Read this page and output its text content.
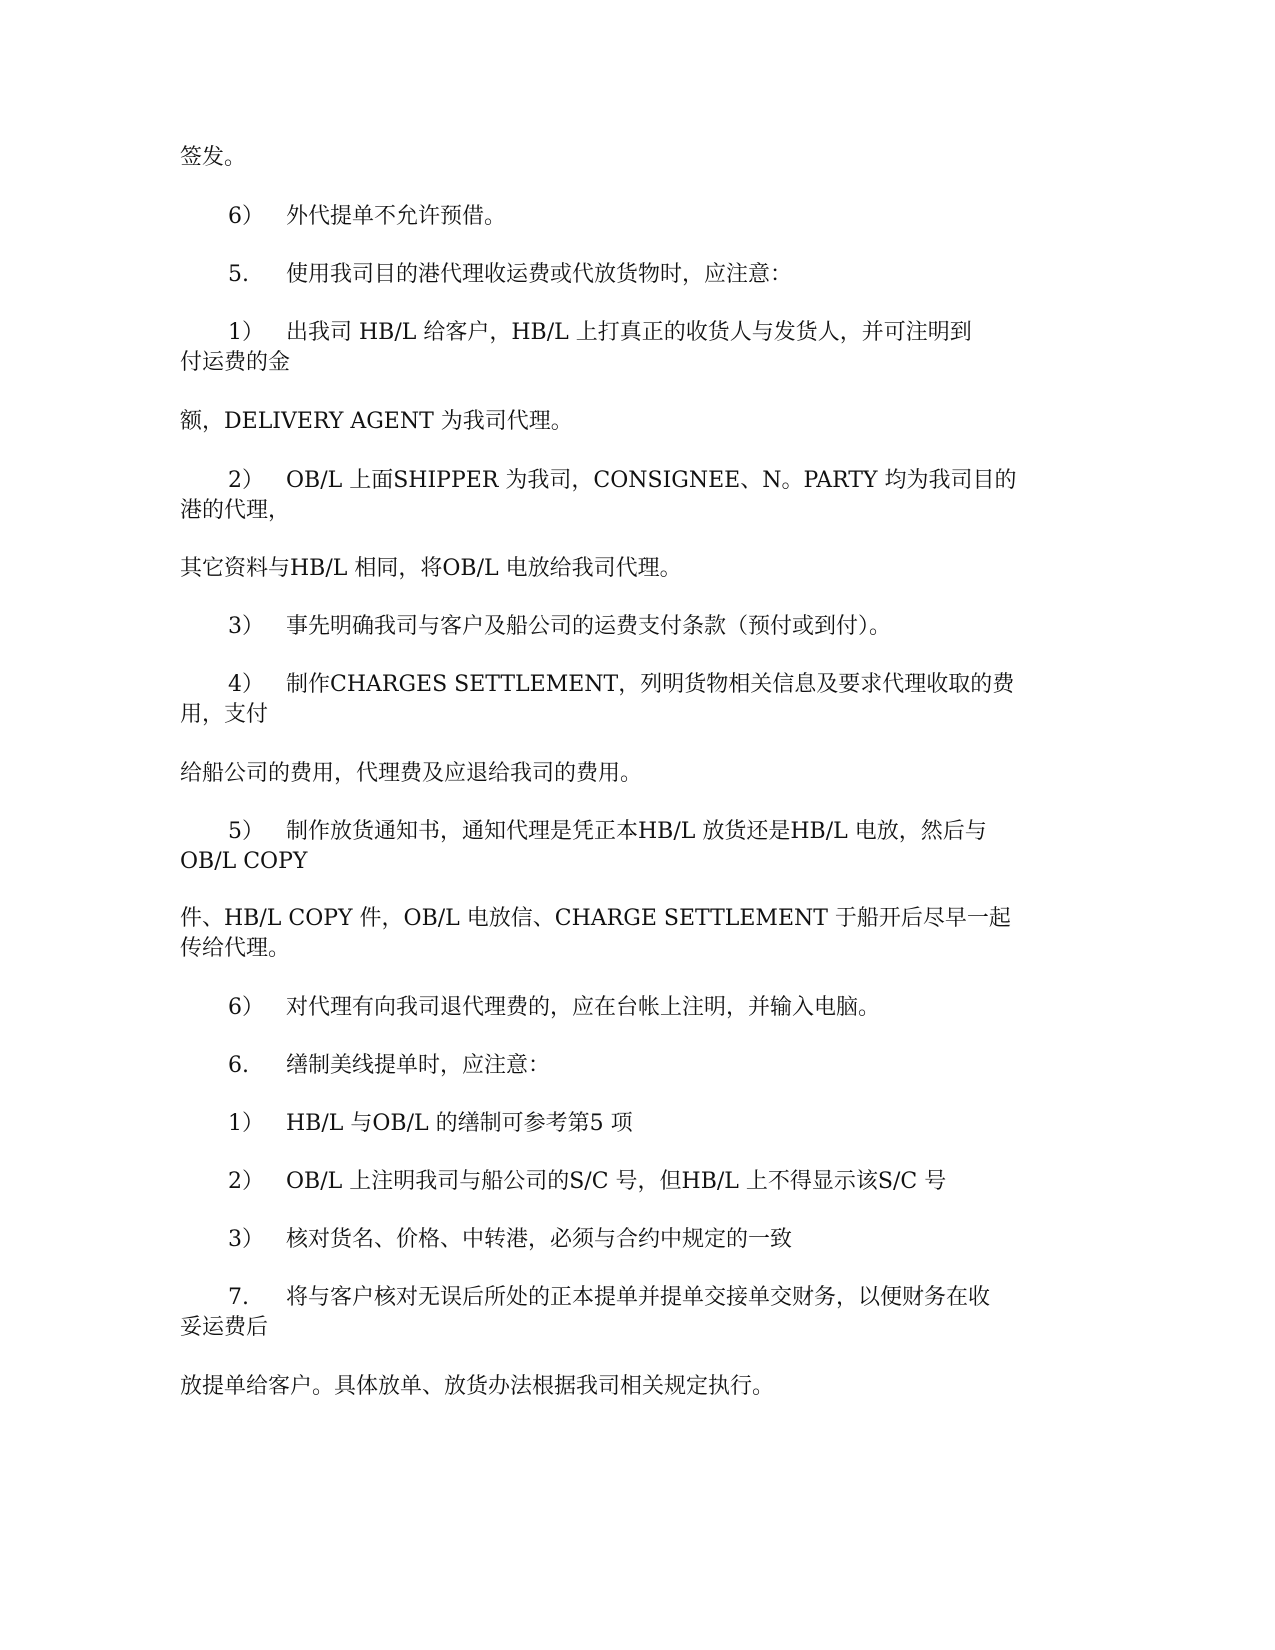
签发。
6） 外代提单不允许预借。
5. 使用我司目的港代理收运费或代放货物时，应注意：
1） 出我司 HB/L 给客户，HB/L 上打真正的收货人与发货人，并可注明到
付运费的金
额，DELIVERY AGENT 为我司代理。
2） OB/L 上面SHIPPER 为我司，CONSIGNEE、N。PARTY 均为我司目的
港的代理，
其它资料与HB/L 相同，将OB/L 电放给我司代理。
3） 事先明确我司与客户及船公司的运费支付条款（预付或到付）。
4） 制作CHARGES SETTLEMENT，列明货物相关信息及要求代理收取的费
用，支付
给船公司的费用，代理费及应退给我司的费用。
5） 制作放货通知书，通知代理是凭正本HB/L 放货还是HB/L 电放，然后与
OB/L COPY
件、HB/L COPY 件，OB/L 电放信、CHARGE SETTLEMENT 于船开后尽早一起
传给代理。
6） 对代理有向我司退代理费的，应在台帐上注明，并输入电脑。
6. 缮制美线提单时，应注意：
1） HB/L 与OB/L 的缮制可参考第5 项
2） OB/L 上注明我司与船公司的S/C 号，但HB/L 上不得显示该S/C 号
3） 核对货名、价格、中转港，必须与合约中规定的一致
7. 将与客户核对无误后所处的正本提单并提单交接单交财务，以便财务在收
妥运费后
放提单给客户。具体放单、放货办法根据我司相关规定执行。
